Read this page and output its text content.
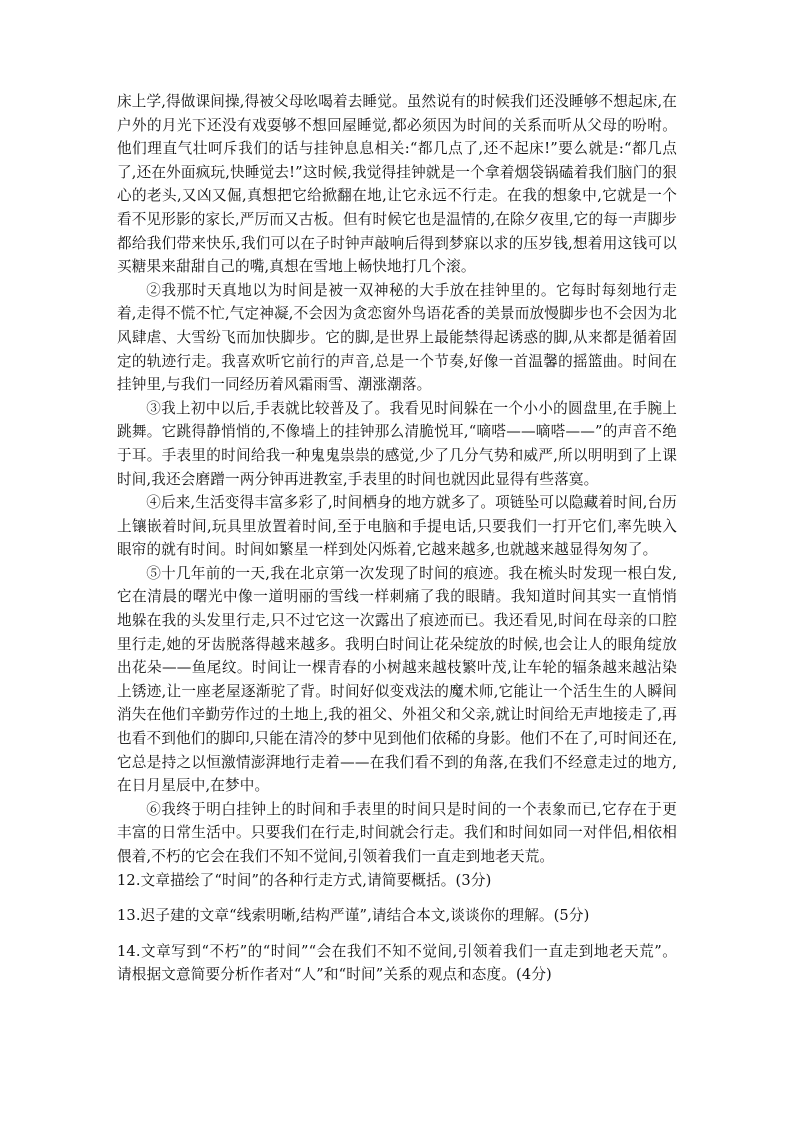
床上学,得做课间操,得被父母吆喝着去睡觉。虽然说有的时候我们还没睡够不想起床,在户外的月光下还没有戏耍够不想回屋睡觉,都必须因为时间的关系而听从父母的吩咐。他们理直气壮呵斥我们的话与挂钟息息相关:“都几点了,还不起床!”要么就是:“都几点了,还在外面疯玩,快睡觉去!”这时候,我觉得挂钟就是一个拿着烟袋锅磕着我们脑门的狠心的老头,又凶又倔,真想把它给掀翻在地,让它永远不行走。在我的想象中,它就是一个看不见形影的家长,严厉而又古板。但有时候它也是温情的,在除夕夜里,它的每一声脚步都给我们带来快乐,我们可以在子时钟声敲响后得到梦寐以求的压岁钱,想着用这钱可以买糖果来甜甜自己的嘴,真想在雪地上畅快地打几个滚。

②我那时天真地以为时间是被一双神秘的大手放在挂钟里的。它每时每刻地行走着,走得不慌不忙,气定神凝,不会因为贪恋窗外鸟语花香的美景而放慢脚步也不会因为北风肆虐、大雪纷飞而加快脚步。它的脚,是世界上最能禁得起诱惑的脚,从来都是循着固定的轨迹行走。我喜欢听它前行的声音,总是一个节奏,好像一首温馨的摇篮曲。时间在挂钟里,与我们一同经历着风霜雨雪、潮涨潮落。

③我上初中以后,手表就比较普及了。我看见时间躲在一个小小的圆盘里,在手腕上跳舞。它跳得静悄悄的,不像墙上的挂钟那么清脆悦耳,“嘀嗒——嘀嗒——”的声音不绝于耳。手表里的时间给我一种鬼鬼祟祟的感觉,少了几分气势和威严,所以明明到了上课时间,我还会磨蹭一两分钟再进教室,手表里的时间也就因此显得有些落寞。

④后来,生活变得丰富多彩了,时间栖身的地方就多了。项链坠可以隐藏着时间,台历上镶嵌着时间,玩具里放置着时间,至于电脑和手提电话,只要我们一打开它们,率先映入眼帘的就有时间。时间如繁星一样到处闪烁着,它越来越多,也就越来越显得匆匆了。

⑤十几年前的一天,我在北京第一次发现了时间的痕迹。我在梳头时发现一根白发,它在清晨的曙光中像一道明丽的雪线一样刺痛了我的眼睛。我知道时间其实一直悄悄地躲在我的头发里行走,只不过它这一次露出了痕迹而已。我还看见,时间在母亲的口腔里行走,她的牙齿脱落得越来越多。我明白时间让花朵绽放的时候,也会让人的眼角绽放出花朵——鱼尾纹。时间让一棵青春的小树越来越枝繁叶茂,让车轮的辐条越来越沾染上锈迹,让一座老屋逐渐驼了背。时间好似变戏法的魔术师,它能让一个活生生的人瞬间消失在他们辛勤劳作过的土地上,我的祖父、外祖父和父亲,就让时间给无声地接走了,再也看不到他们的脚印,只能在清冷的梦中见到他们依稀的身影。他们不在了,可时间还在,它总是持之以恒激情澎湃地行走着——在我们看不到的角落,在我们不经意走过的地方,在日月星辰中,在梦中。

⑥我终于明白挂钟上的时间和手表里的时间只是时间的一个表象而已,它存在于更丰富的日常生活中。只要我们在行走,时间就会行走。我们和时间如同一对伴侣,相依相偎着,不朽的它会在我们不知不觉间,引领着我们一直走到地老天荒。

12.文章描绘了“时间”的各种行走方式,请简要概括。(3分)

13.迟子建的文章“线索明晰,结构严谨”,请结合本文,谈谈你的理解。(5分)

14.文章写到“不朽”的“时间”“会在我们不知不觉间,引领着我们一直走到地老天荒”。请根据文意简要分析作者对“人”和“时间”关系的观点和态度。(4分)
